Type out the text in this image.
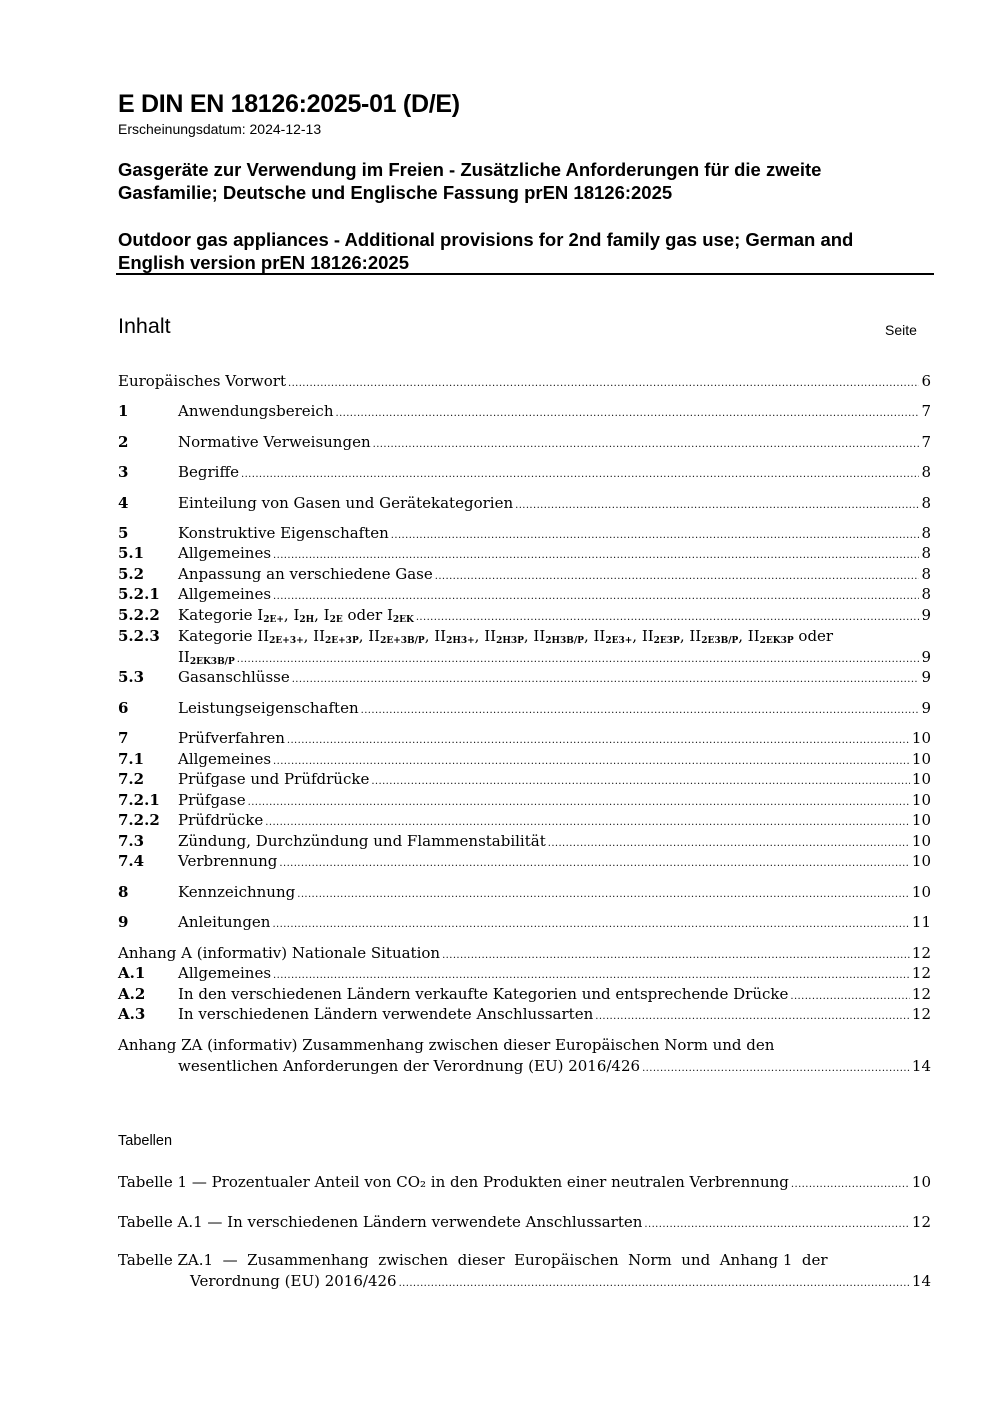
E DIN EN 18126:2025-01 (D/E)
Erscheinungsdatum: 2024-12-13
Gasgeräte zur Verwendung im Freien - Zusätzliche Anforderungen für die zweite
Gasfamilie; Deutsche und Englische Fassung prEN 18126:2025
Outdoor gas appliances - Additional provisions for 2nd family gas use; German and
English version prEN 18126:2025
Inhalt	Seite
Europäisches Vorwort .....	6
1	Anwendungsbereich .....	7
2	Normative Verweisungen .....	7
3	Begriffe .....	8
4	Einteilung von Gasen und Gerätekategorien .....	8
5	Konstruktive Eigenschaften .....	8
5.1 Allgemeines .....	8
5.2 Anpassung an verschiedene Gase .....	8
5.2.1 Allgemeines .....	8
5.2.2 Kategorie $I_{2E+}$, $I_{2H}$, $I_{2E}$ oder $I_{2EK}$ .....	9
5.2.3 Kategorie $II_{2E+3+}$, $II_{2E+3P}$, $II_{2E+3B/P}$, $II_{2H3+}$, $II_{2H3P}$, $II_{2H3B/P}$, $II_{2E3+}$, $II_{2E3P}$, $II_{2E3B/P}$, $II_{2EK3P}$ oder
$II_{2EK3B/P}$ .....	9
5.3 Gasanschlüsse .....	9
6	Leistungseigenschaften .....	9
7	Prüfverfahren .....	10
7.1 Allgemeines .....	10
7.2 Prüfgase und Prüfdrücke .....	10
7.2.1 Prüfgase .....	10
7.2.2 Prüfdrücke .....	10
7.3 Zündung, Durchzündung und Flammenstabilität .....	10
7.4 Verbrennung .....	10
8	Kennzeichnung .....	10
9	Anleitungen .....	11
Anhang A (informativ) Nationale Situation .....	12
A.1 Allgemeines .....	12
A.2 In den verschiedenen Ländern verkaufte Kategorien und entsprechende Drücke .....	12
A.3 In verschiedenen Ländern verwendete Anschlussarten .....	12
Anhang ZA (informativ) Zusammenhang zwischen dieser Europäischen Norm und den
wesentlichen Anforderungen der Verordnung (EU) 2016/426 .....	14
Tabellen
Tabelle 1 — Prozentualer Anteil von CO₂ in den Produkten einer neutralen Verbrennung .....	10
Tabelle A.1 — In verschiedenen Ländern verwendete Anschlussarten .....	12
Tabelle ZA.1  —  Zusammenhang  zwischen  dieser  Europäischen  Norm  und  Anhang 1  der
Verordnung (EU) 2016/426 .....	14
